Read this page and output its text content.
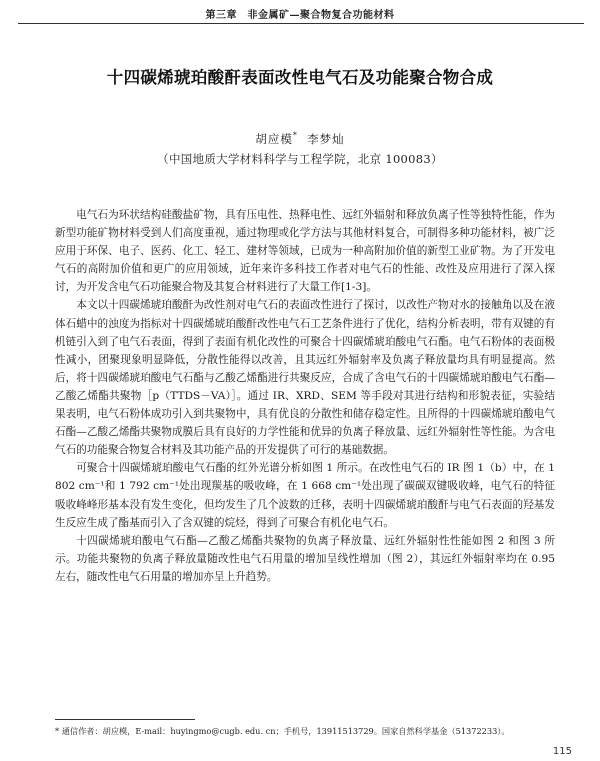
第三章　非金属矿—聚合物复合功能材料
十四碳烯琥珀酸酐表面改性电气石及功能聚合物合成
胡应模* 李梦灿
（中国地质大学材料科学与工程学院，北京 100083）

电气石为环状结构硅酸盐矿物，具有压电性、热释电性、远红外辐射和释放负离子性等独特性能，作为新型功能矿物材料受到人们高度重视，通过物理或化学方法与其他材料复合，可制得多种功能材料，被广泛应用于环保、电子、医药、化工、轻工、建材等领域，已成为一种高附加价值的新型工业矿物。为了开发电气石的高附加价值和更广的应用领域，近年来许多科技工作者对电气石的性能、改性及应用进行了深入探讨，为开发含电气石功能聚合物及其复合材料进行了大量工作[1-3]。

本文以十四碳烯琥珀酸酐为改性剂对电气石的表面改性进行了探讨，以改性产物对水的接触角以及在液体石蜡中的浊度为指标对十四碳烯琥珀酸酐改性电气石工艺条件进行了优化，结构分析表明，带有双键的有机链引入到了电气石表面，得到了表面有机化改性的可聚合十四碳烯琥珀酸电气石酯。电气石粉体的表面极性减小，团聚现象明显降低，分散性能得以改善，且其远红外辐射率及负离子释放量均具有明显提高。然后，将十四碳烯琥珀酸电气石酯与乙酸乙烯酯进行共聚反应，合成了含电气石的十四碳烯琥珀酸电气石酯—乙酸乙烯酯共聚物［p（TTDS－VA）］。通过 IR、XRD、SEM 等手段对其进行结构和形貌表征，实验结果表明，电气石粉体成功引入到共聚物中，具有优良的分散性和储存稳定性。且所得的十四碳烯琥珀酸电气石酯—乙酸乙烯酯共聚物成膜后具有良好的力学性能和优异的负离子释放量、远红外辐射性等性能。为含电气石的功能聚合物复合材料及其功能产品的开发提供了可行的基础数据。

可聚合十四碳烯琥珀酸电气石酯的红外光谱分析如图 1 所示。在改性电气石的 IR 图 1（b）中，在 1 802 cm⁻¹和 1 792 cm⁻¹处出现羰基的吸收峰，在 1 668 cm⁻¹处出现了碳碳双键吸收峰，电气石的特征吸收峰峰形基本没有发生变化，但均发生了几个波数的迁移，表明十四碳烯琥珀酸酐与电气石表面的羟基发生反应生成了酯基而引入了含双键的烷烃，得到了可聚合有机化电气石。

十四碳烯琥珀酸电气石酯—乙酸乙烯酯共聚物的负离子释放量、远红外辐射性性能如图 2 和图 3 所示。功能共聚物的负离子释放量随改性电气石用量的增加呈线性增加（图 2），其远红外辐射率均在 0.95 左右，随改性电气石用量的增加亦呈上升趋势。

* 通信作者：胡应模，E-mail：huyingmo@cugb. edu. cn；手机号，13911513729。国家自然科学基金（51372233）。
115
